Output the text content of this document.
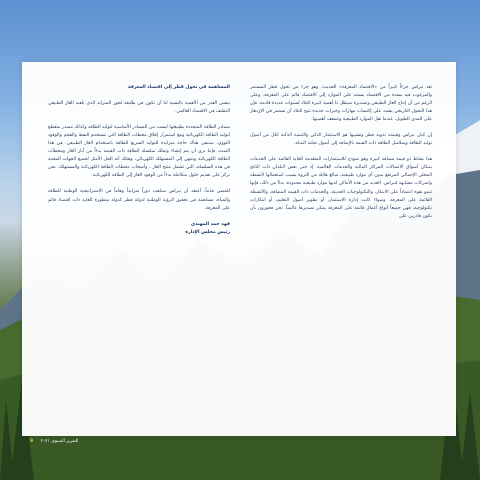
تعد نبراس جزءاً كبيراً من «الاقتصاد المعرفة» الحديث، وهو جزء من تحول قطر المستمر والمرغوب فيه بشدة من الاقتصاد يستند على الموارد إلى الاقتصاد قائم على المعرفة. وعلى الرغم من أن إنتاج الغاز الطبيعي وتصديره سيظل ذا أهمية كبيرة للبلاد لسنوات عديدة قادمة، فإن هذا التحول التاريخي يشدد على إكتساب مهارات وخبرات جديدة تتيح للبلاد أن تستمر في الإزدهار على المدى الطويل، عندما تقل الموارد الطبيعية وتضعف أهميتها.

إن كيان نبراس وقيمته تدوية قطر وتشبيها هو الاستثمار الذكي والتنمية الذكية لكل من أصول توليد الطاقة وسلاسل الطاقة ذات القيمة بالإضافة إلى أصول تحلية المياه.

هذا نشاط ذو قيمة مضافة كبيرة وهو نموذج للاستثمارات المتقدمة للغاية القائمة على الخدمات بمكان أسواق الاتصالات المراكز المالية والخدمات العالمية. إذ حتى بعض البلدان ذات الناتج المحلي الإجمالي المرتفع بدون أي موارد طبيعية، مبالغ هائلة من الثروة بسبب استعمالها لأنشطة واشركات مشابهة لنبراس. العديد من هذه الأماكن لديها موارد طبيعية محدودة، بدلاً من ذلك، فإنها تنمو بقوة اعتماداً على الابتكار، والتكنولوجيات الحديثة، والخدمات ذات القيمة المضافة، والأنشطة القائمة على المعرفة. وسواء كانت إدارة الاستثمار، أو تطوير أصول التعليم، أو ابتكارات تكنولوجية، فهي جميعاً أنواع أعمال قائمة على المعرفة يمكن تصديرها عالمياً. نحن فخورون بأن نكون قادرين على

المساهمة في تحول قطر إلى اقتصاد المعرفة

بنفس القدر من الأهمية بالنسبة لنا أن نكون في طليعة لحور المتزايد الذي يلعبه الغاز الطبيعي النظيف في الاقتصاد العالمي.

مصادر الطاقة المتجددة بطبيعتها ليست من المصادر الأساسية لتوليد الطاقة وكذلك مصدر متقطع لتوليد الطاقة الكهربائية ومع استمرار إغلاق محطات الطاقة التي تستخدم النفط والفحم والوقود النووي، ستبقى هناك حاجة متزايدة للتوليد السريع للطاقة باستخدام الغاز الطبيعي. في هذا الصدد، فإننا نرى أن يتم إنشاء وتملك سلسلة الطاقة ذات القيمة بدءاً من آبار الغاز ومحطات الطاقة الكهربائية وتنتهي إلى المستهلك الكهربائي، وهنلك أنه الحل الأمثل لجميع الجهات المعنية في هذه السلسلة، التي تشمل منتج الغاز ، وأصحاب محطات الطاقة الكهربائية والمستهلك. نحن نركز على تقديم حلول متكاملة بدءاً من الوقود الغاز إلى الطاقة الكهربائية.

للمضي قدماً، أعتقد أن نبراس ستلعب دوراً متزايداً وهاماً في الاستراتيجية الوطنية للطاقة والمياه، مساهمة في تحقيق الرؤية الوطنية لدولة قطر كدولة متطورة للغاية ذات اقتصاد قائم على المعرفة.

فهد حمد المهندي
رئيس مجلس الإدارة
9 التقرير السنوي ٢٠٢١
